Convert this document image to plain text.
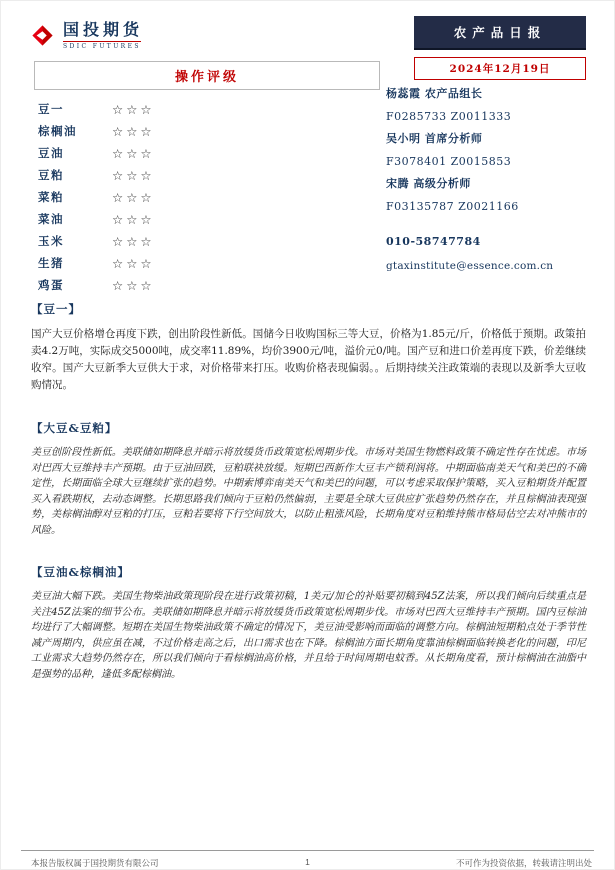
国投期货
SDIC FUTURES
农产品日报
2024年12月19日
操作评级
豆一	☆☆☆
棕榈油	☆☆☆
豆油	☆☆☆
豆粕	☆☆☆
菜粕	☆☆☆
菜油	☆☆☆
玉米	☆☆☆
生猪	☆☆☆
鸡蛋	☆☆☆
杨蕊霞 农产品组长
F0285733 Z0011333
吴小明 首席分析师
F3078401 Z0015853
宋腾 高级分析师
F03135787 Z0021166
010-58747784
gtaxinstitute@essence.com.cn
【豆一】
国产大豆价格增仓再度下跌，创出阶段性新低。国储今日收购国标三等大豆，价格为1.85元/斤，价格低于预期。政策拍卖4.2万吨，实际成交5000吨，成交率11.89%，均价3900元/吨，溢价元0/吨。国产豆和进口价差再度下跌，价差继续收窄。国产大豆新季大豆供大于求，对价格带来打压。收购价格表现偏弱。。后期持续关注政策端的表现以及新季大豆收购情况。
【大豆&豆粕】
美豆创阶段性新低。美联储如期降息并暗示将放缓货币政策宽松周期步伐。市场对美国生物燃料政策不确定性存在忧虑。市场对巴西大豆维持丰产预期。由于豆油回跌，豆粕联袂放缓。短期巴西新作大豆丰产锁利润将。中期面临南美天气和美巴的不确定性，长期面临全球大豆继续扩张的趋势。中期索博弈南美天气和美巴的问题，可以考虑采取保护策略，买入豆粕期货并配置买入看跌期权，去动态调整。长期思路我们倾向于豆粕仍然偏弱，主要是全球大豆供应扩张趋势仍然存在，并且棕榈油表现强势，美棕榈油醇对豆粕的打压，豆粕若要将下行空间放大，以防止粗涨风险，长期角度对豆粕维持熊市格局估空去对冲熊市的风险。
【豆油&棕榈油】
美豆油大幅下跌。美国生物柴油政策现阶段在进行政策初稿，1美元/加仑的补贴要初稿到45Z法案，所以我们倾向后续重点是关注45Z法案的细节公布。美联储如期降息并暗示将放缓货币政策宽松周期步伐。市场对巴西大豆维持丰产预期。国内豆棕油均进行了大幅调整。短期在美国生物柴油政策不确定的情况下，美豆油受影响而面临的调整方向。棕榈油短期粕点处于季节性减产周期内，供应虽在减，不过价格走高之后，出口需求也在下降。棕榈油方面长期角度靠油棕榈面临转换老化的问题，印尼工业需求大趋势仍然存在，所以我们倾向于看棕榈油高价格，并且给于时间周期电蚊香。从长期角度看，预计棕榈油在油脂中是强势的品种，逢低多配棕榈油。
本报告版权属于国投期货有限公司	1	不可作为投资依据，转载请注明出处
